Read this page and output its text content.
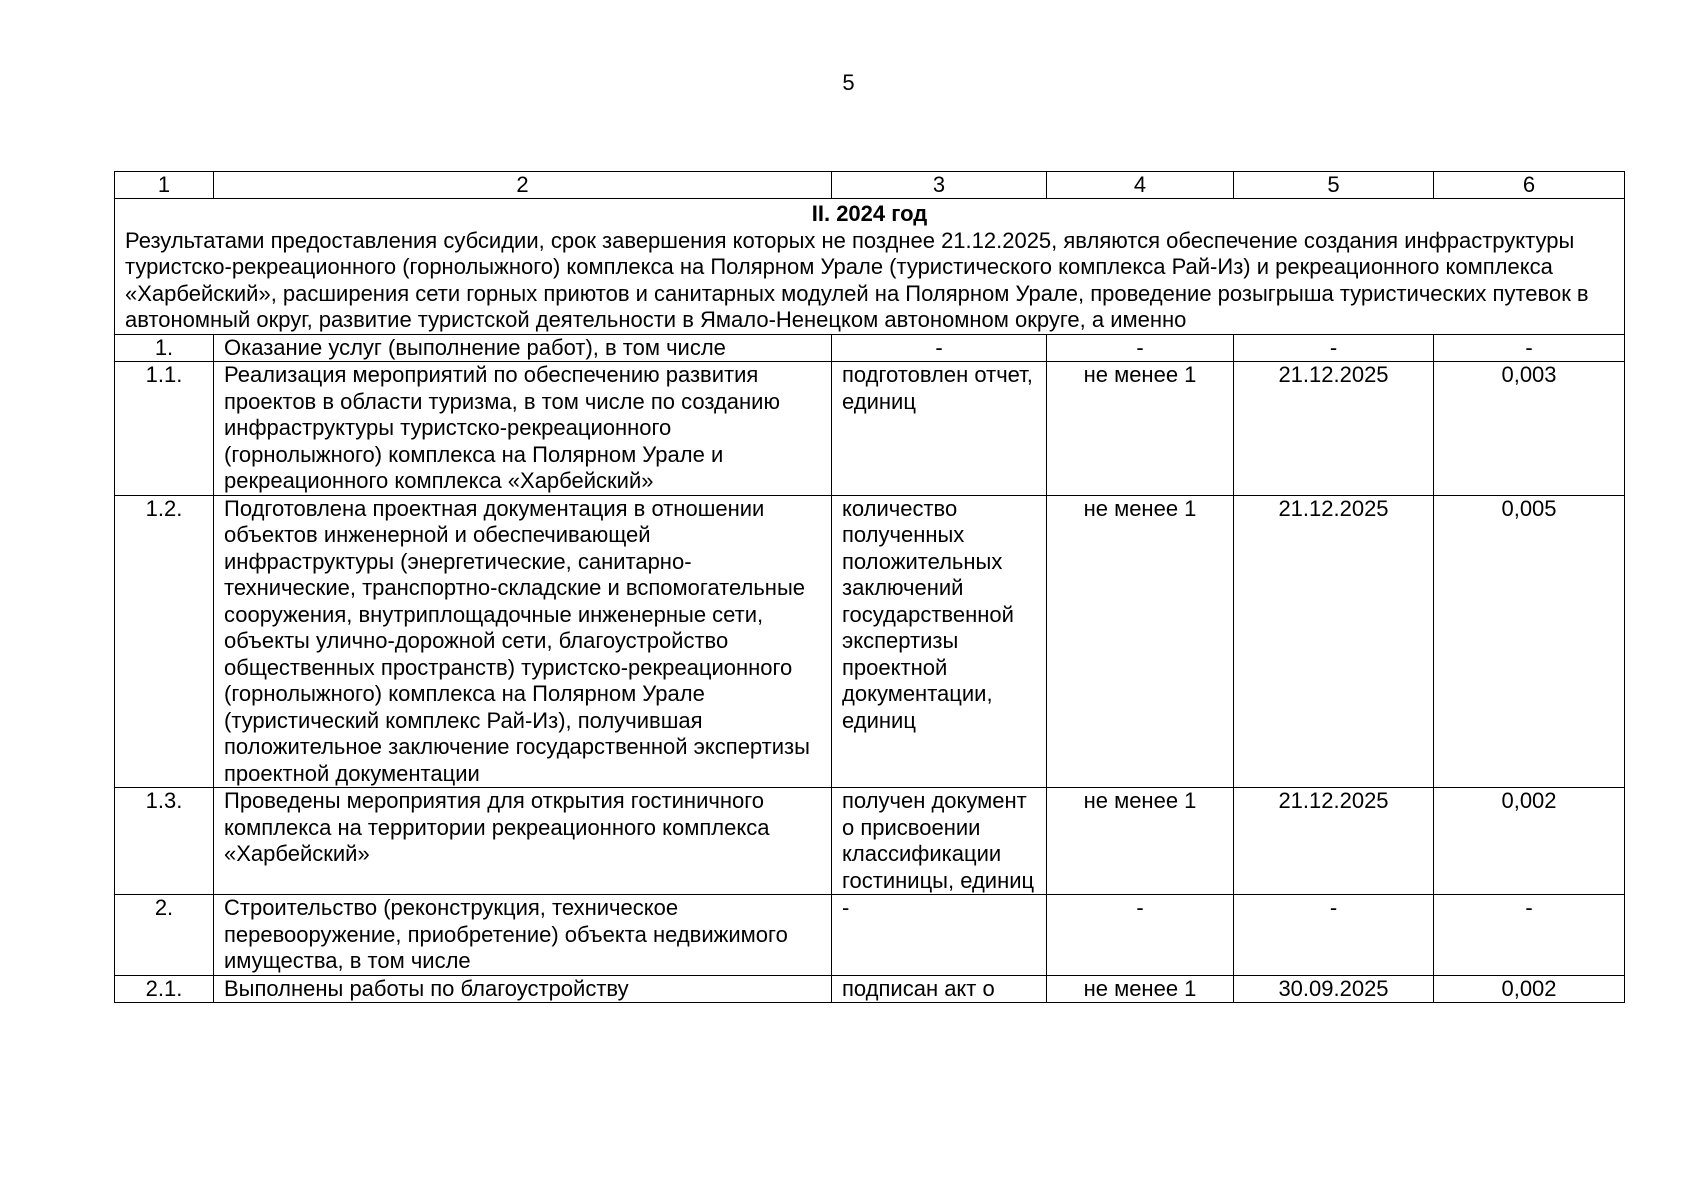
5
1	2	3	4	5	6

II. 2024 год
Результатами предоставления субсидии, срок завершения которых не позднее 21.12.2025, являются обеспечение создания инфраструктуры туристско-рекреационного (горнолыжного) комплекса на Полярном Урале (туристического комплекса Рай-Из) и рекреационного комплекса «Харбейский», расширения сети горных приютов и санитарных модулей на Полярном Урале, проведение розыгрыша туристических путевок в автономный округ, развитие туристской деятельности в Ямало-Ненецком автономном округе, а именно					

1.	Оказание услуг (выполнение работ), в том числе	-	-	-	-
1.1.	Реализация мероприятий по обеспечению развития проектов в области туризма, в том числе по созданию инфраструктуры туристско-рекреационного (горнолыжного) комплекса на Полярном Урале и рекреационного комплекса «Харбейский»	подготовлен отчет, единиц	не менее 1	21.12.2025	0,003
1.2.	Подготовлена проектная документация в отношении объектов инженерной и обеспечивающей инфраструктуры (энергетические, санитарно-технические, транспортно-складские и вспомогательные сооружения, внутриплощадочные инженерные сети, объекты улично-дорожной сети, благоустройство общественных пространств) туристско-рекреационного (горнолыжного) комплекса на Полярном Урале (туристический комплекс Рай-Из), получившая положительное заключение государственной экспертизы проектной документации	количество полученных положительных заключений государственной экспертизы проектной документации, единиц	не менее 1	21.12.2025	0,005
1.3.	Проведены мероприятия для открытия гостиничного комплекса на территории рекреационного комплекса «Харбейский»	получен документ о присвоении классификации гостиницы, единиц	не менее 1	21.12.2025	0,002
2.	Строительство (реконструкция, техническое перевооружение, приобретение) объекта недвижимого имущества, в том числе	-	-	-	-
2.1.	Выполнены работы по благоустройству	подписан акт о	не менее 1	30.09.2025	0,002
